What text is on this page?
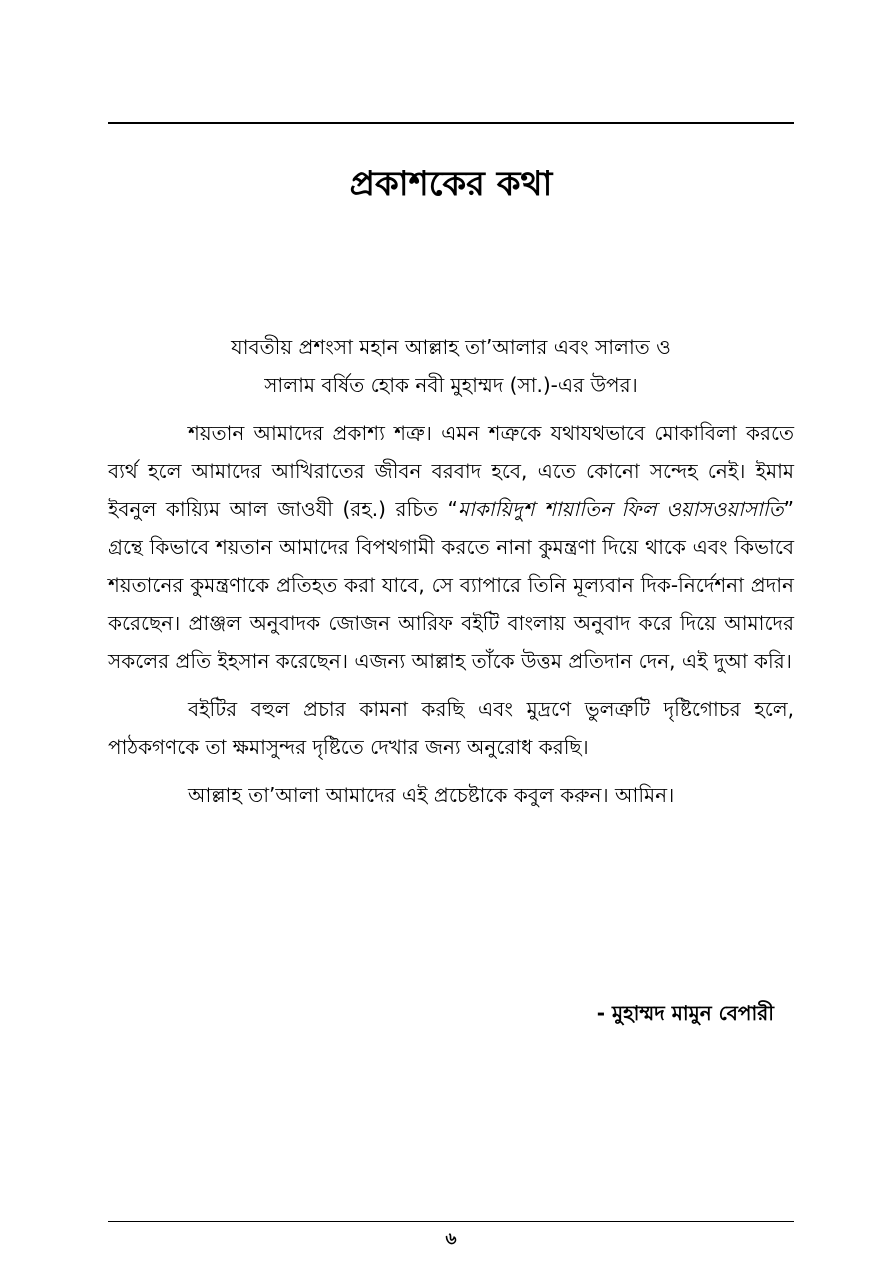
প্রকাশকের কথা

যাবতীয় প্রশংসা মহান আল্লাহ তা’আলার এবং সালাত ও
সালাম বর্ষিত হোক নবী মুহাম্মদ (সা.)-এর উপর।

শয়তান আমাদের প্রকাশ্য শত্রু। এমন শত্রুকে যথাযথভাবে মোকাবিলা করতে ব্যর্থ হলে আমাদের আখিরাতের জীবন বরবাদ হবে, এতে কোনো সন্দেহ নেই। ইমাম ইবনুল কায়্যিম আল জাওযী (রহ.) রচিত “মাকায়িদুশ শায়াতিন ফিল ওয়াসওয়াসাতি” গ্রন্থে কিভাবে শয়তান আমাদের বিপথগামী করতে নানা কুমন্ত্রণা দিয়ে থাকে এবং কিভাবে শয়তানের কুমন্ত্রণাকে প্রতিহত করা যাবে, সে ব্যাপারে তিনি মূল্যবান দিক-নির্দেশনা প্রদান করেছেন। প্রাঞ্জল অনুবাদক জোজন আরিফ বইটি বাংলায় অনুবাদ করে দিয়ে আমাদের সকলের প্রতি ইহসান করেছেন। এজন্য আল্লাহ তাঁকে উত্তম প্রতিদান দেন, এই দুআ করি।

বইটির বহুল প্রচার কামনা করছি এবং মুদ্রণে ভুলত্রুটি দৃষ্টিগোচর হলে, পাঠকগণকে তা ক্ষমাসুন্দর দৃষ্টিতে দেখার জন্য অনুরোধ করছি।

আল্লাহ তা’আলা আমাদের এই প্রচেষ্টাকে কবুল করুন। আমিন।

- মুহাম্মদ মামুন বেপারী
৬
